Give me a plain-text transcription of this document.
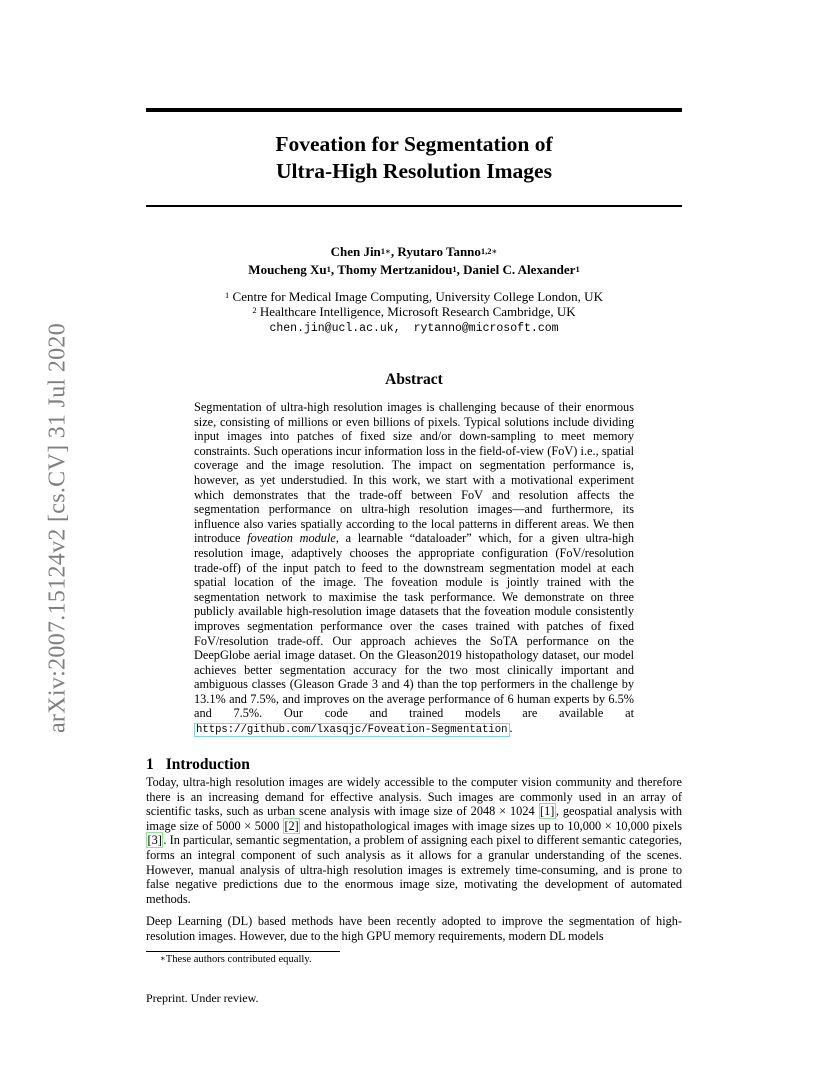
Foveation for Segmentation of
Ultra-High Resolution Images
Chen Jin$^{1∗}$, Ryutaro Tanno$^{1,2∗}$
Moucheng Xu$^1$, Thomy Mertzanidou$^1$, Daniel C. Alexander$^1$
$^1$ Centre for Medical Image Computing, University College London, UK
$^2$ Healthcare Intelligence, Microsoft Research Cambridge, UK
chen.jin@ucl.ac.uk, rytanno@microsoft.com
Abstract
Segmentation of ultra-high resolution images is challenging because of their enormous size, consisting of millions or even billions of pixels. Typical solutions include dividing input images into patches of fixed size and/or down-sampling to meet memory constraints. Such operations incur information loss in the field-of-view (FoV) i.e., spatial coverage and the image resolution. The impact on segmentation performance is, however, as yet understudied. In this work, we start with a motivational experiment which demonstrates that the trade-off between FoV and resolution affects the segmentation performance on ultra-high resolution images—and furthermore, its influence also varies spatially according to the local patterns in different areas. We then introduce foveation module, a learnable “dataloader” which, for a given ultra-high resolution image, adaptively chooses the appropriate configuration (FoV/resolution trade-off) of the input patch to feed to the downstream segmentation model at each spatial location of the image. The foveation module is jointly trained with the segmentation network to maximise the task performance. We demonstrate on three publicly available high-resolution image datasets that the foveation module consistently improves segmentation performance over the cases trained with patches of fixed FoV/resolution trade-off. Our approach achieves the SoTA performance on the DeepGlobe aerial image dataset. On the Gleason2019 histopathology dataset, our model achieves better segmentation accuracy for the two most clinically important and ambiguous classes (Gleason Grade 3 and 4) than the top performers in the challenge by 13.1% and 7.5%, and improves on the average performance of 6 human experts by 6.5% and 7.5%. Our code and trained models are available at https://github.com/lxasqjc/Foveation-Segmentation .
arXiv:2007.15124v2 [cs.CV] 31 Jul 2020
1 Introduction
Today, ultra-high resolution images are widely accessible to the computer vision community and therefore there is an increasing demand for effective analysis. Such images are commonly used in an array of scientific tasks, such as urban scene analysis with image size of 2048 × 1024 [1] , geospatial analysis with image size of 5000 × 5000 [2] and histopathological images with image sizes up to 10,000 × 10,000 pixels [3] . In particular, semantic segmentation, a problem of assigning each pixel to different semantic categories, forms an integral component of such analysis as it allows for a granular understanding of the scenes. However, manual analysis of ultra-high resolution images is extremely time-consuming, and is prone to false negative predictions due to the enormous image size, motivating the development of automated methods.
Deep Learning (DL) based methods have been recently adopted to improve the segmentation of high-resolution images. However, due to the high GPU memory requirements, modern DL models
∗These authors contributed equally.
Preprint. Under review.
